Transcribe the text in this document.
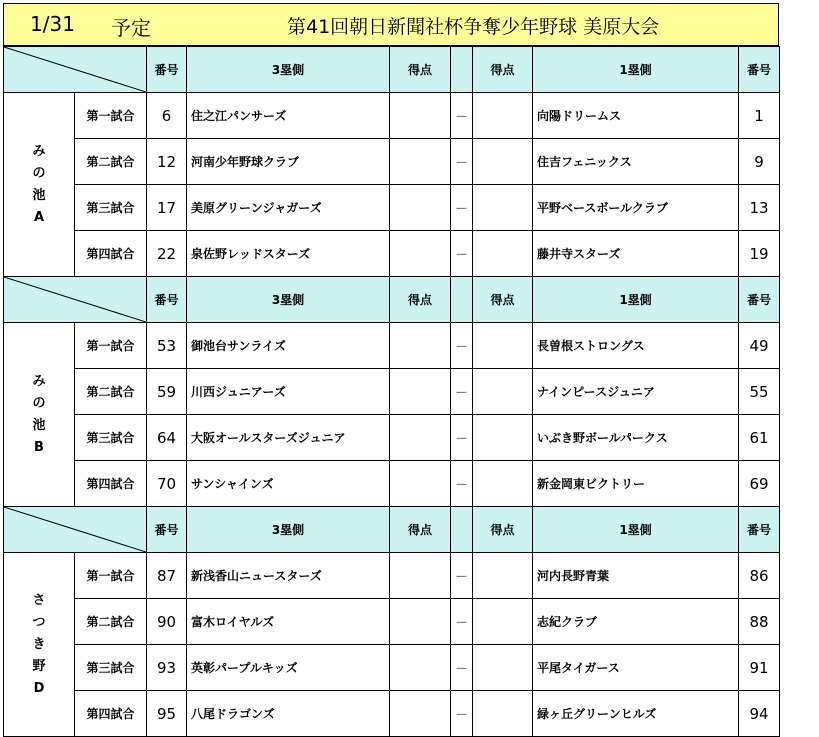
1/31 予定	第41回朝日新聞社杯争奪少年野球 美原大会
	番号	3塁側	得点		得点	1塁側	番号

み
の
池
A	第一試合	6	住之江パンサーズ		－		向陽ドリームス	1
	第二試合	12	河南少年野球クラブ		－		住吉フェニックス	9
	第三試合	17	美原グリーンジャガーズ		－		平野ベースボールクラブ	13
	第四試合	22	泉佐野レッドスターズ		－		藤井寺スターズ	19

	番号	3塁側	得点		得点	1塁側	番号

み
の
池
B	第一試合	53	御池台サンライズ		－		長曽根ストロングス	49
	第二試合	59	川西ジュニアーズ		－		ナインピースジュニア	55
	第三試合	64	大阪オールスターズジュニア		－		いぶき野ボールパークス	61
	第四試合	70	サンシャインズ		－		新金岡東ビクトリー	69

	番号	3塁側	得点		得点	1塁側	番号

さ
つ
き
野
D	第一試合	87	新浅香山ニュースターズ		－		河内長野青葉	86
	第二試合	90	富木ロイヤルズ		－		志紀クラブ	88
	第三試合	93	英彰パープルキッズ		－		平尾タイガース	91
	第四試合	95	八尾ドラゴンズ		－		緑ヶ丘グリーンヒルズ	94
